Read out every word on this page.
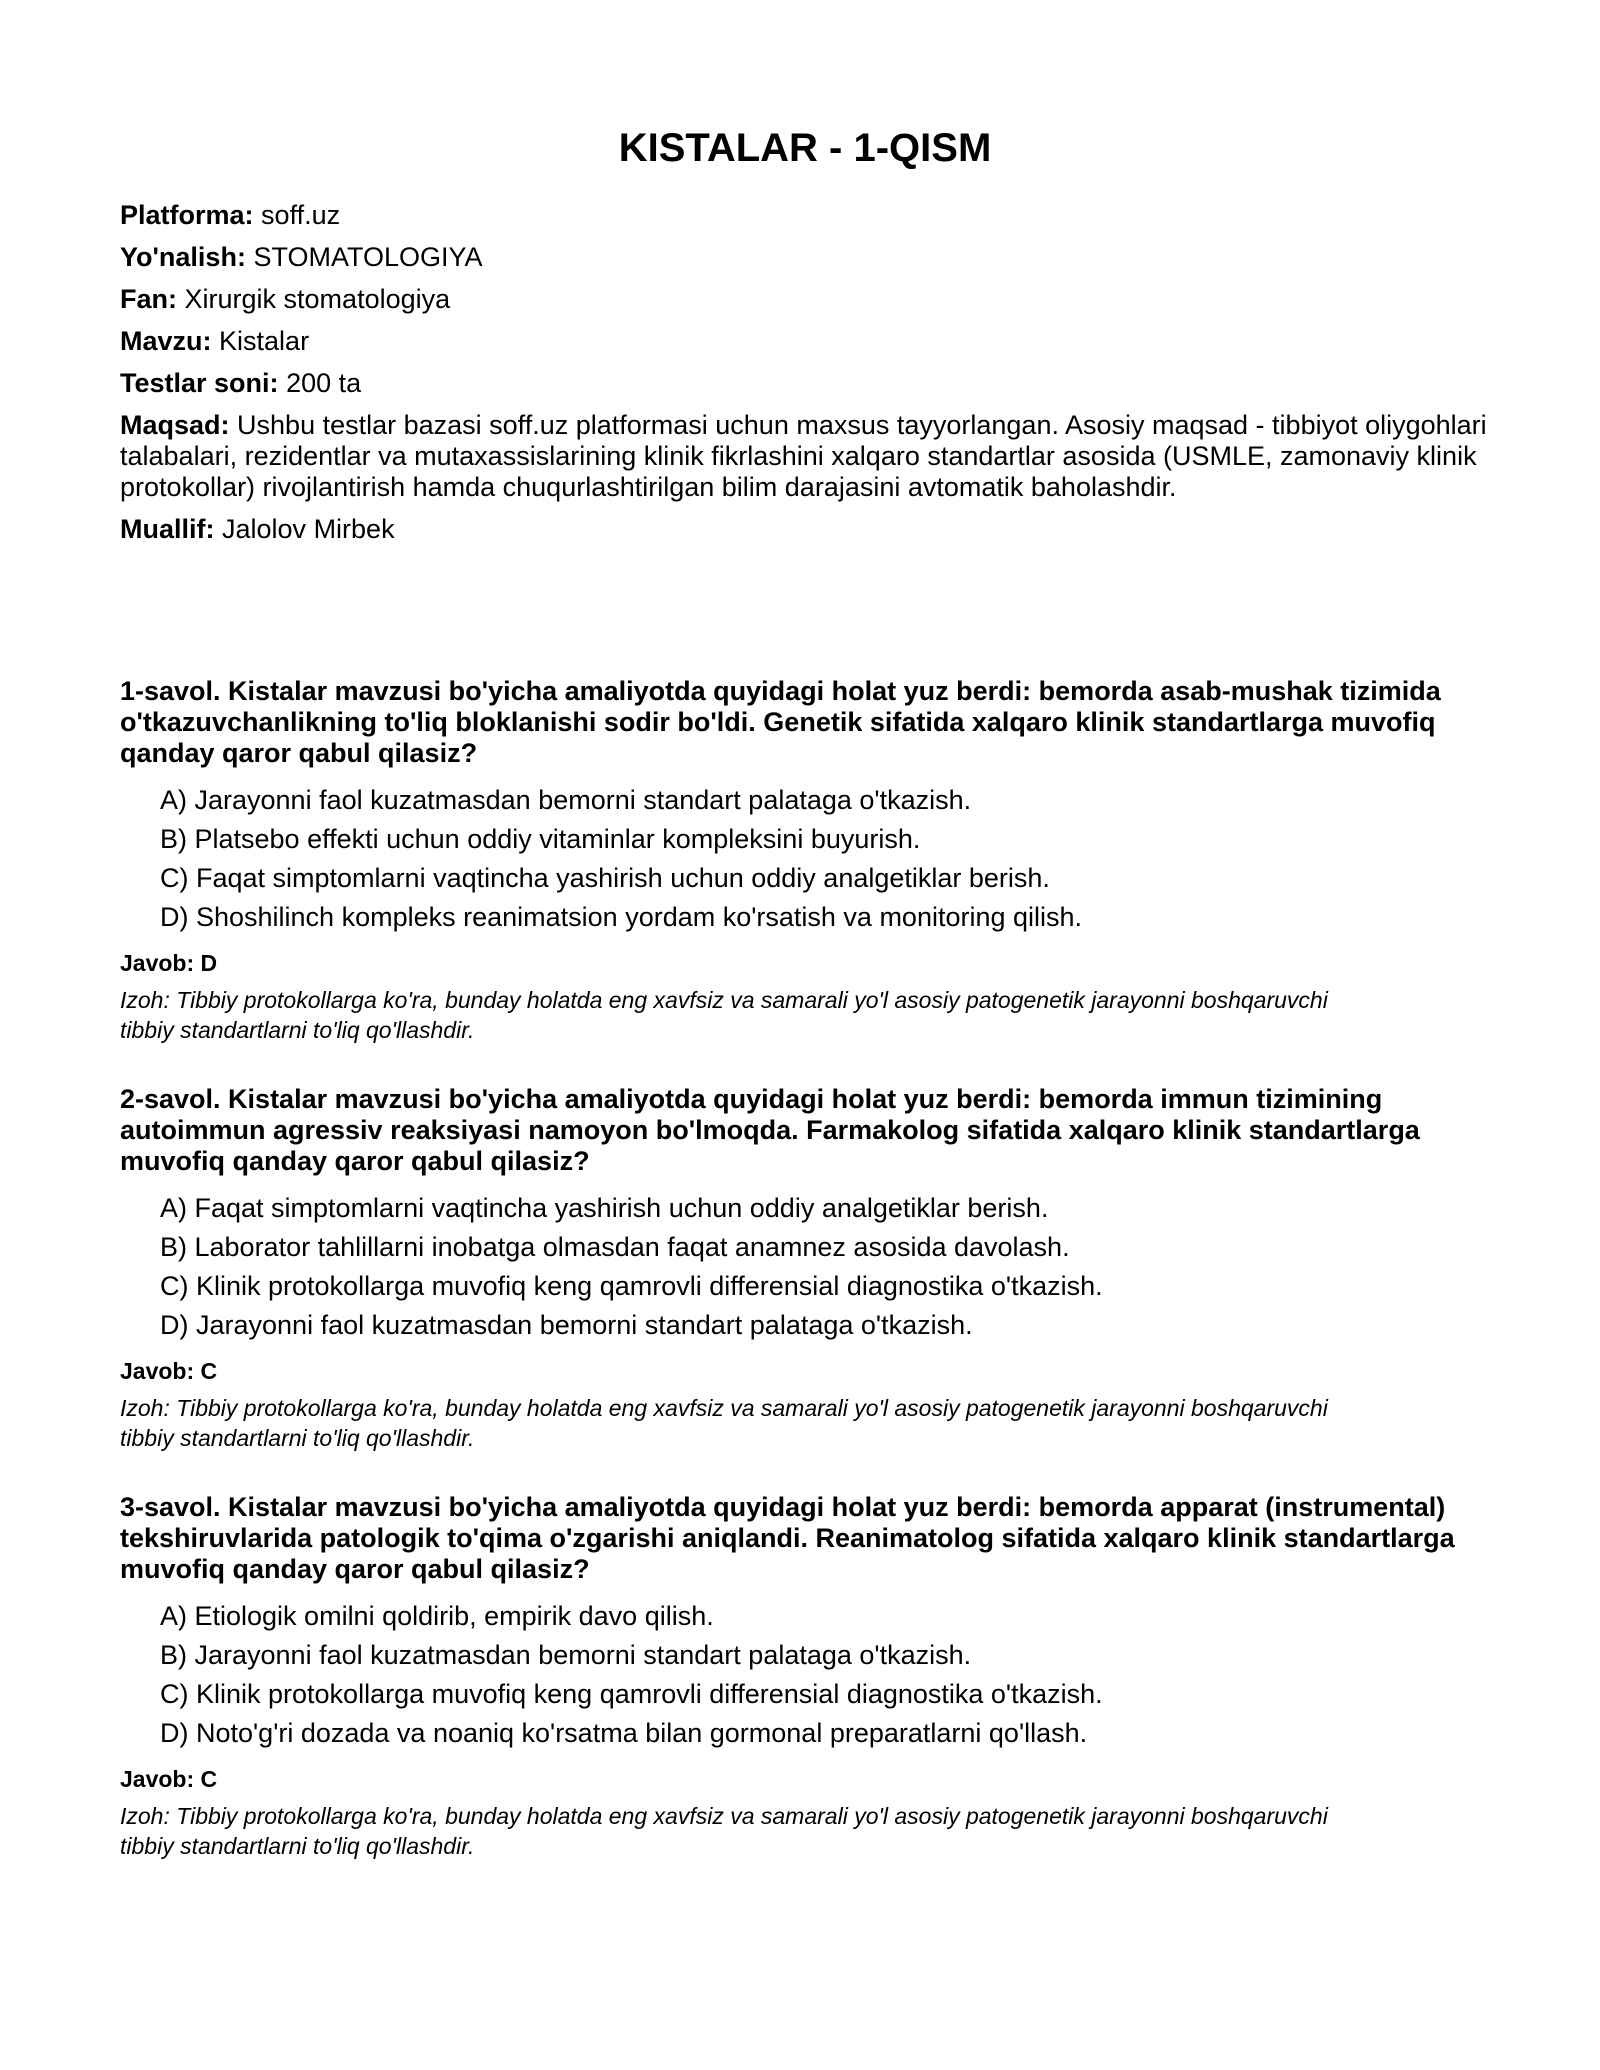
KISTALAR - 1-QISM

Platforma: soff.uz

Yo'nalish: STOMATOLOGIYA

Fan: Xirurgik stomatologiya

Mavzu: Kistalar

Testlar soni: 200 ta

Maqsad: Ushbu testlar bazasi soff.uz platformasi uchun maxsus tayyorlangan. Asosiy maqsad - tibbiyot oliygohlari talabalari, rezidentlar va mutaxassislarining klinik fikrlashini xalqaro standartlar asosida (USMLE, zamonaviy klinik protokollar) rivojlantirish hamda chuqurlashtirilgan bilim darajasini avtomatik baholashdir.

Muallif: Jalolov Mirbek

1-savol. Kistalar mavzusi bo'yicha amaliyotda quyidagi holat yuz berdi: bemorda asab-mushak tizimida o'tkazuvchanlikning to'liq bloklanishi sodir bo'ldi. Genetik sifatida xalqaro klinik standartlarga muvofiq qanday qaror qabul qilasiz?

A) Jarayonni faol kuzatmasdan bemorni standart palataga o'tkazish.
B) Platsebo effekti uchun oddiy vitaminlar kompleksini buyurish.
C) Faqat simptomlarni vaqtincha yashirish uchun oddiy analgetiklar berish.
D) Shoshilinch kompleks reanimatsion yordam ko'rsatish va monitoring qilish.

Javob: D

Izoh: Tibbiy protokollarga ko'ra, bunday holatda eng xavfsiz va samarali yo'l asosiy patogenetik jarayonni boshqaruvchi tibbiy standartlarni to'liq qo'llashdir.

2-savol. Kistalar mavzusi bo'yicha amaliyotda quyidagi holat yuz berdi: bemorda immun tizimining autoimmun agressiv reaksiyasi namoyon bo'lmoqda. Farmakolog sifatida xalqaro klinik standartlarga muvofiq qanday qaror qabul qilasiz?

A) Faqat simptomlarni vaqtincha yashirish uchun oddiy analgetiklar berish.
B) Laborator tahlillarni inobatga olmasdan faqat anamnez asosida davolash.
C) Klinik protokollarga muvofiq keng qamrovli differensial diagnostika o'tkazish.
D) Jarayonni faol kuzatmasdan bemorni standart palataga o'tkazish.

Javob: C

Izoh: Tibbiy protokollarga ko'ra, bunday holatda eng xavfsiz va samarali yo'l asosiy patogenetik jarayonni boshqaruvchi tibbiy standartlarni to'liq qo'llashdir.

3-savol. Kistalar mavzusi bo'yicha amaliyotda quyidagi holat yuz berdi: bemorda apparat (instrumental) tekshiruvlarida patologik to'qima o'zgarishi aniqlandi. Reanimatolog sifatida xalqaro klinik standartlarga muvofiq qanday qaror qabul qilasiz?

A) Etiologik omilni qoldirib, empirik davo qilish.
B) Jarayonni faol kuzatmasdan bemorni standart palataga o'tkazish.
C) Klinik protokollarga muvofiq keng qamrovli differensial diagnostika o'tkazish.
D) Noto'g'ri dozada va noaniq ko'rsatma bilan gormonal preparatlarni qo'llash.

Javob: C

Izoh: Tibbiy protokollarga ko'ra, bunday holatda eng xavfsiz va samarali yo'l asosiy patogenetik jarayonni boshqaruvchi tibbiy standartlarni to'liq qo'llashdir.
